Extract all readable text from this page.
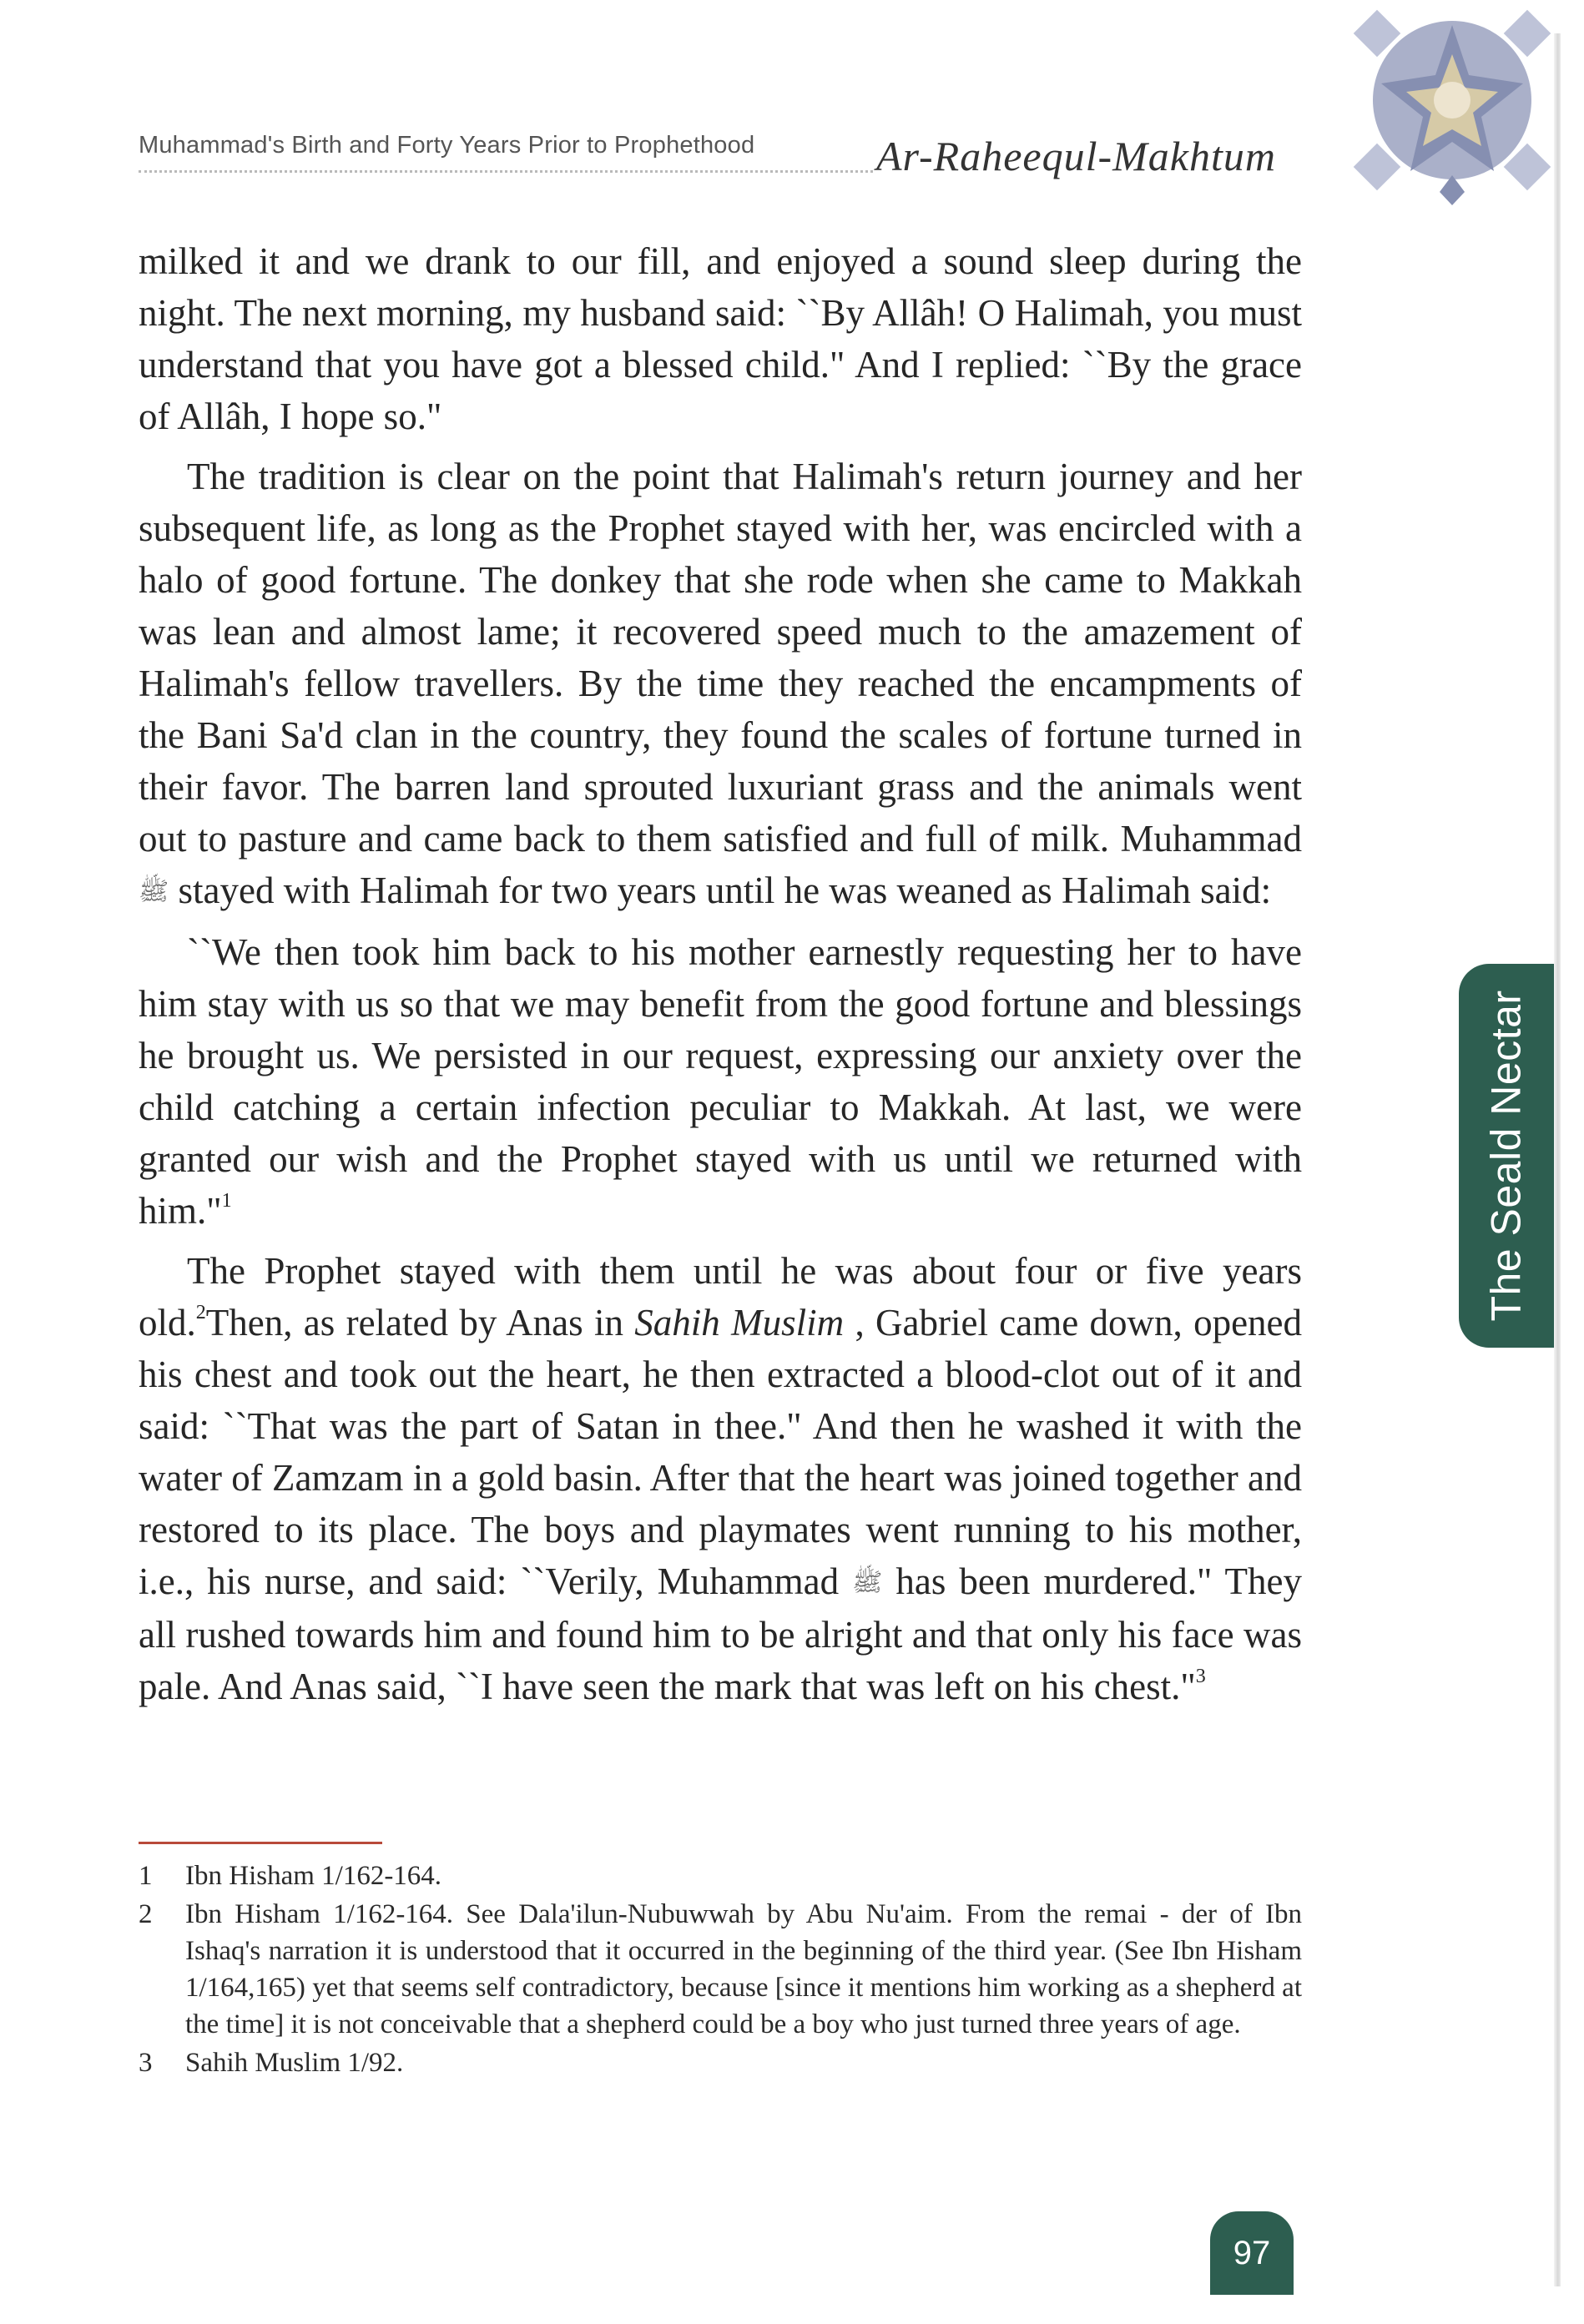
Muhammad's Birth and Forty Years Prior to Prophethood	Ar-Raheequl-Makhtum

milked it and we drank to our fill, and enjoyed a sound sleep during the night. The next morning, my husband said: ``By Allâh! O Halimah, you must understand that you have got a blessed child." And I replied: ``By the grace of Allâh, I hope so."

The tradition is clear on the point that Halimah's return journey and her subsequent life, as long as the Prophet stayed with her, was encircled with a halo of good fortune. The donkey that she rode when she came to Makkah was lean and almost lame; it recovered speed much to the amazement of Halimah's fellow travellers. By the time they reached the encampments of the Bani Sa'd clan in the country, they found the scales of fortune turned in their favor. The barren land sprouted luxuriant grass and the animals went out to pasture and came back to them satisfied and full of milk. Muhammad ﷺ stayed with Halimah for two years until he was weaned as Halimah said:

``We then took him back to his mother earnestly requesting her to have him stay with us so that we may benefit from the good fortune and blessings he brought us. We persisted in our request, expressing our anxiety over the child catching a certain infection peculiar to Makkah. At last, we were granted our wish and the Prophet stayed with us until we returned with him."$^1$

The Prophet stayed with them until he was about four or five years old.$^2$Then, as related by Anas in Sahih Muslim , Gabriel came down, opened his chest and took out the heart, he then extracted a blood-clot out of it and said: ``That was the part of Satan in thee." And then he washed it with the water of Zamzam in a gold basin. After that the heart was joined together and restored to its place. The boys and playmates went running to his mother, i.e., his nurse, and said: ``Verily, Muhammad ﷺ has been murdered." They all rushed towards him and found him to be alright and that only his face was pale. And Anas said, ``I have seen the mark that was left on his chest."$^3$

The Seald Nectar
1	Ibn Hisham 1/162-164.
2	Ibn Hisham 1/162-164. See Dala'ilun-Nubuwwah by Abu Nu'aim. From the remai - der of Ibn Ishaq's narration it is understood that it occurred in the beginning of the third year. (See Ibn Hisham 1/164,165) yet that seems self contradictory, because [since it mentions him working as a shepherd at the time] it is not conceivable that a shepherd could be a boy who just turned three years of age.
3	Sahih Muslim 1/92.
97
